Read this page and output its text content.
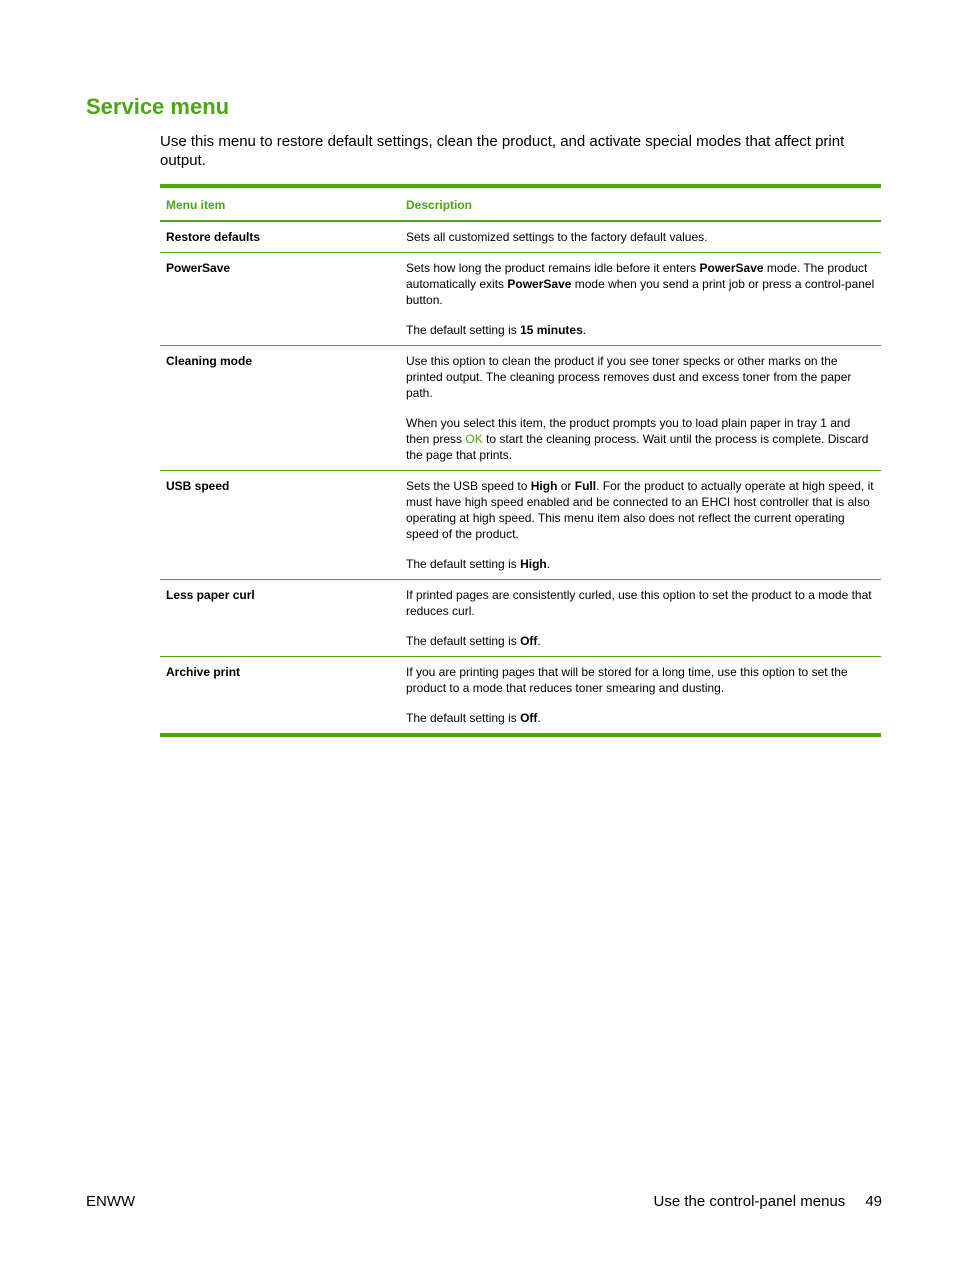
Service menu

Use this menu to restore default settings, clean the product, and activate special modes that affect print output.

Menu item	Description
Restore defaults	Sets all customized settings to the factory default values.

PowerSave	Sets how long the product remains idle before it enters PowerSave mode. The product automatically exits PowerSave mode when you send a print job or press a control-panel button.

The default setting is 15 minutes.

Cleaning mode	Use this option to clean the product if you see toner specks or other marks on the printed output. The cleaning process removes dust and excess toner from the paper path.

When you select this item, the product prompts you to load plain paper in tray 1 and then press OK to start the cleaning process. Wait until the process is complete. Discard the page that prints.

USB speed	Sets the USB speed to High or Full. For the product to actually operate at high speed, it must have high speed enabled and be connected to an EHCI host controller that is also operating at high speed. This menu item also does not reflect the current operating speed of the product.

The default setting is High.

Less paper curl	If printed pages are consistently curled, use this option to set the product to a mode that reduces curl.

The default setting is Off.

Archive print	If you are printing pages that will be stored for a long time, use this option to set the product to a mode that reduces toner smearing and dusting.

The default setting is Off.

ENWW	Use the control-panel menus 49
